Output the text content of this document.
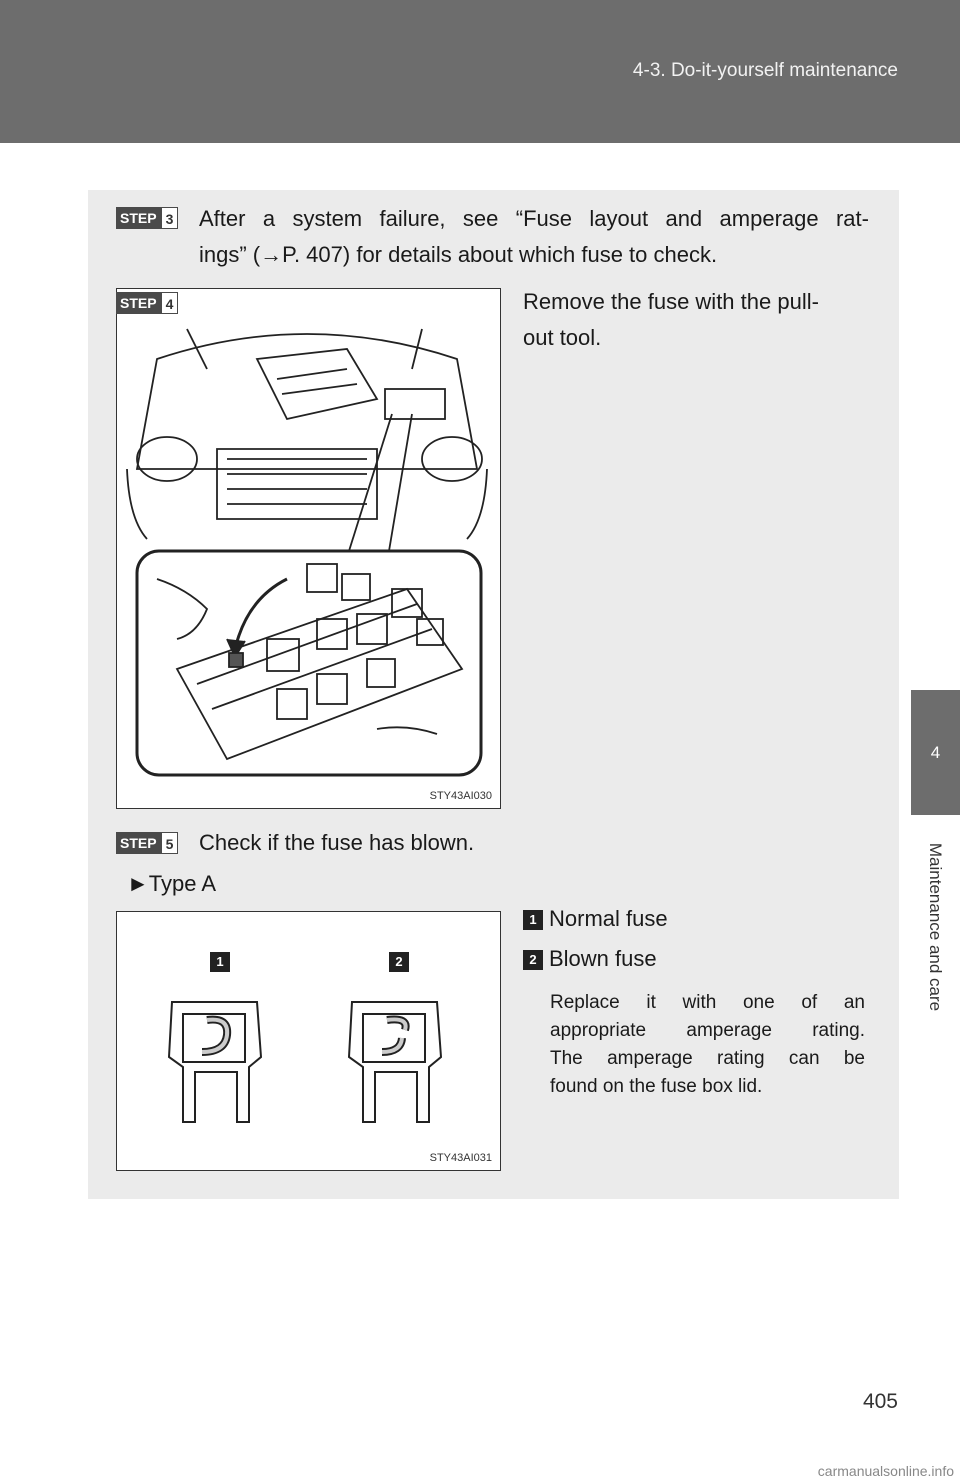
4-3. Do-it-yourself maintenance
4
Maintenance and care
STEP 3 After a system failure, see “Fuse layout and amperage rat-
ings” (→P. 407) for details about which fuse to check.
STY43AI030
STEP 4	Remove the fuse with the pull-
out tool.
STEP 5 Check if the fuse has blown.
►Type A
1	2
STY43AI031
1 Normal fuse
2 Blown fuse
Replace it with one of an
appropriate amperage rating.
The amperage rating can be
found on the fuse box lid.
405
carmanualsonline.info
